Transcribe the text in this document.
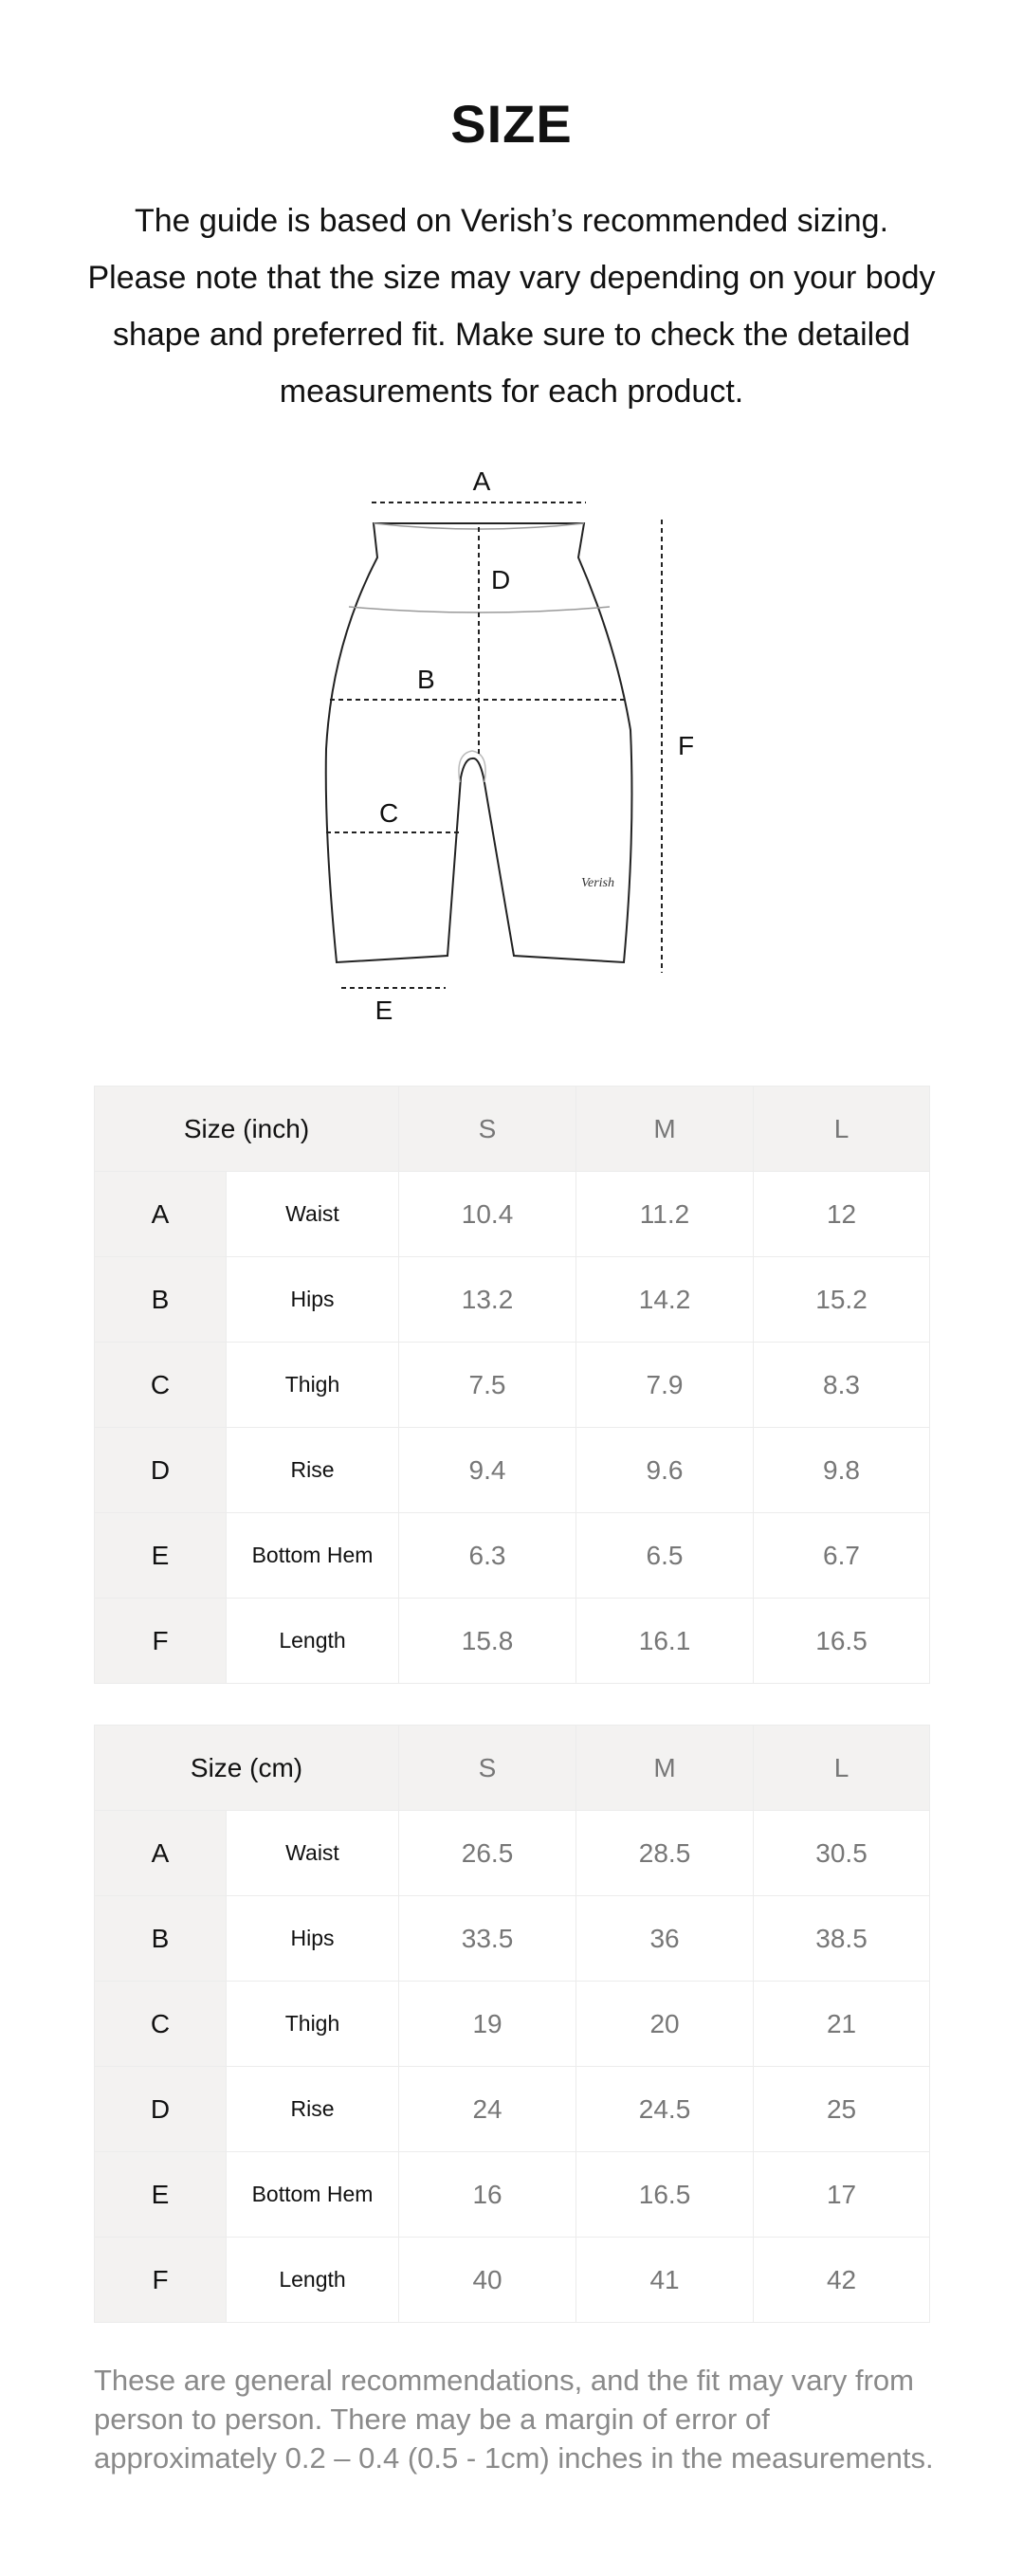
SIZE

The guide is based on Verish’s recommended sizing. Please note that the size may vary depending on your body shape and preferred fit. Make sure to check the detailed measurements for each product.

A
D
B
C
E
F
Verish
Size (inch)		S	M	L
A	Waist	10.4	11.2	12
B	Hips	13.2	14.2	15.2
C	Thigh	7.5	7.9	8.3
D	Rise	9.4	9.6	9.8
E	Bottom Hem	6.3	6.5	6.7
F	Length	15.8	16.1	16.5
Size (cm)		S	M	L
A	Waist	26.5	28.5	30.5
B	Hips	33.5	36	38.5
C	Thigh	19	20	21
D	Rise	24	24.5	25
E	Bottom Hem	16	16.5	17
F	Length	40	41	42

These are general recommendations, and the fit may vary from person to person. There may be a margin of error of approximately 0.2 – 0.4 (0.5 - 1cm) inches in the measurements.
